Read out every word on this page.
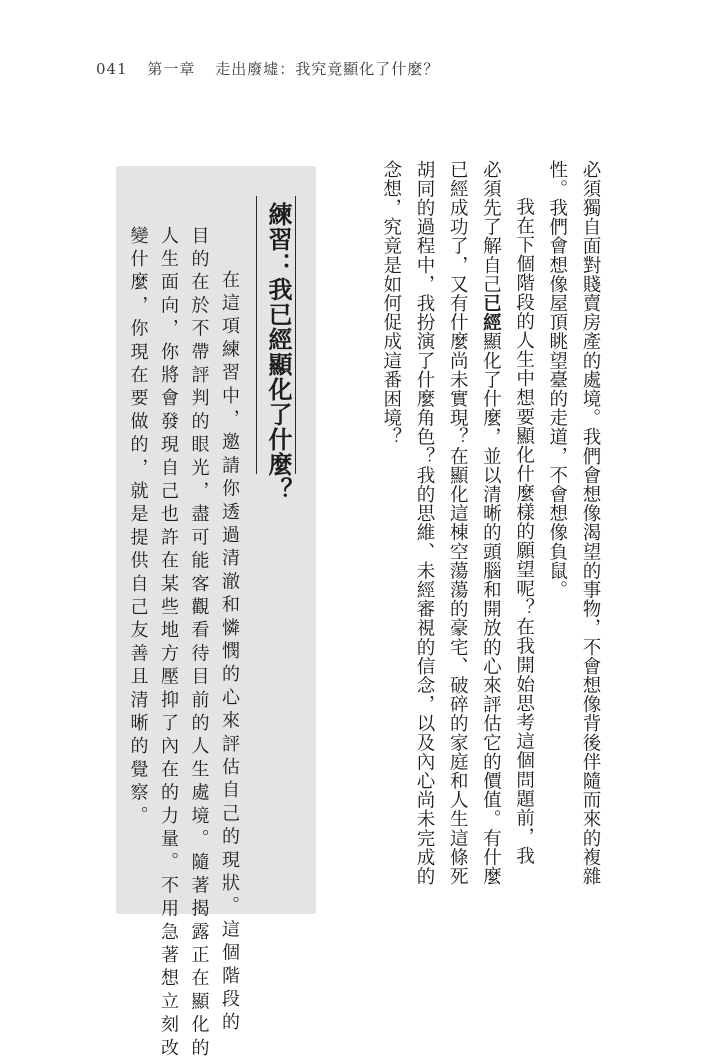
041 第一章 走出廢墟：我究竟顯化了什麼？
必須獨自面對賤賣房產的處境。我們會想像渴望的事物，不會想像背後伴隨而來的複雜
性。我們會想像屋頂眺望臺的走道，不會想像負鼠。
我在下個階段的人生中想要顯化什麼樣的願望呢？在我開始思考這個問題前，我
必須先了解自己已經顯化了什麼，並以清晰的頭腦和開放的心來評估它的價值。有什麼
已經成功了，又有什麼尚未實現？在顯化這棟空蕩蕩的豪宅、破碎的家庭和人生這條死
胡同的過程中，我扮演了什麼角色？我的思維、未經審視的信念，以及內心尚未完成的
念想，究竟是如何促成這番困境？
練習：我已經顯化了什麼？
在這項練習中，邀請你透過清澈和憐憫的心來評估自己的現狀。這個階段的
目的在於不帶評判的眼光，盡可能客觀看待目前的人生處境。隨著揭露正在顯化的
人生面向，你將會發現自己也許在某些地方壓抑了內在的力量。不用急著想立刻改
變什麼，你現在要做的，就是提供自己友善且清晰的覺察。
